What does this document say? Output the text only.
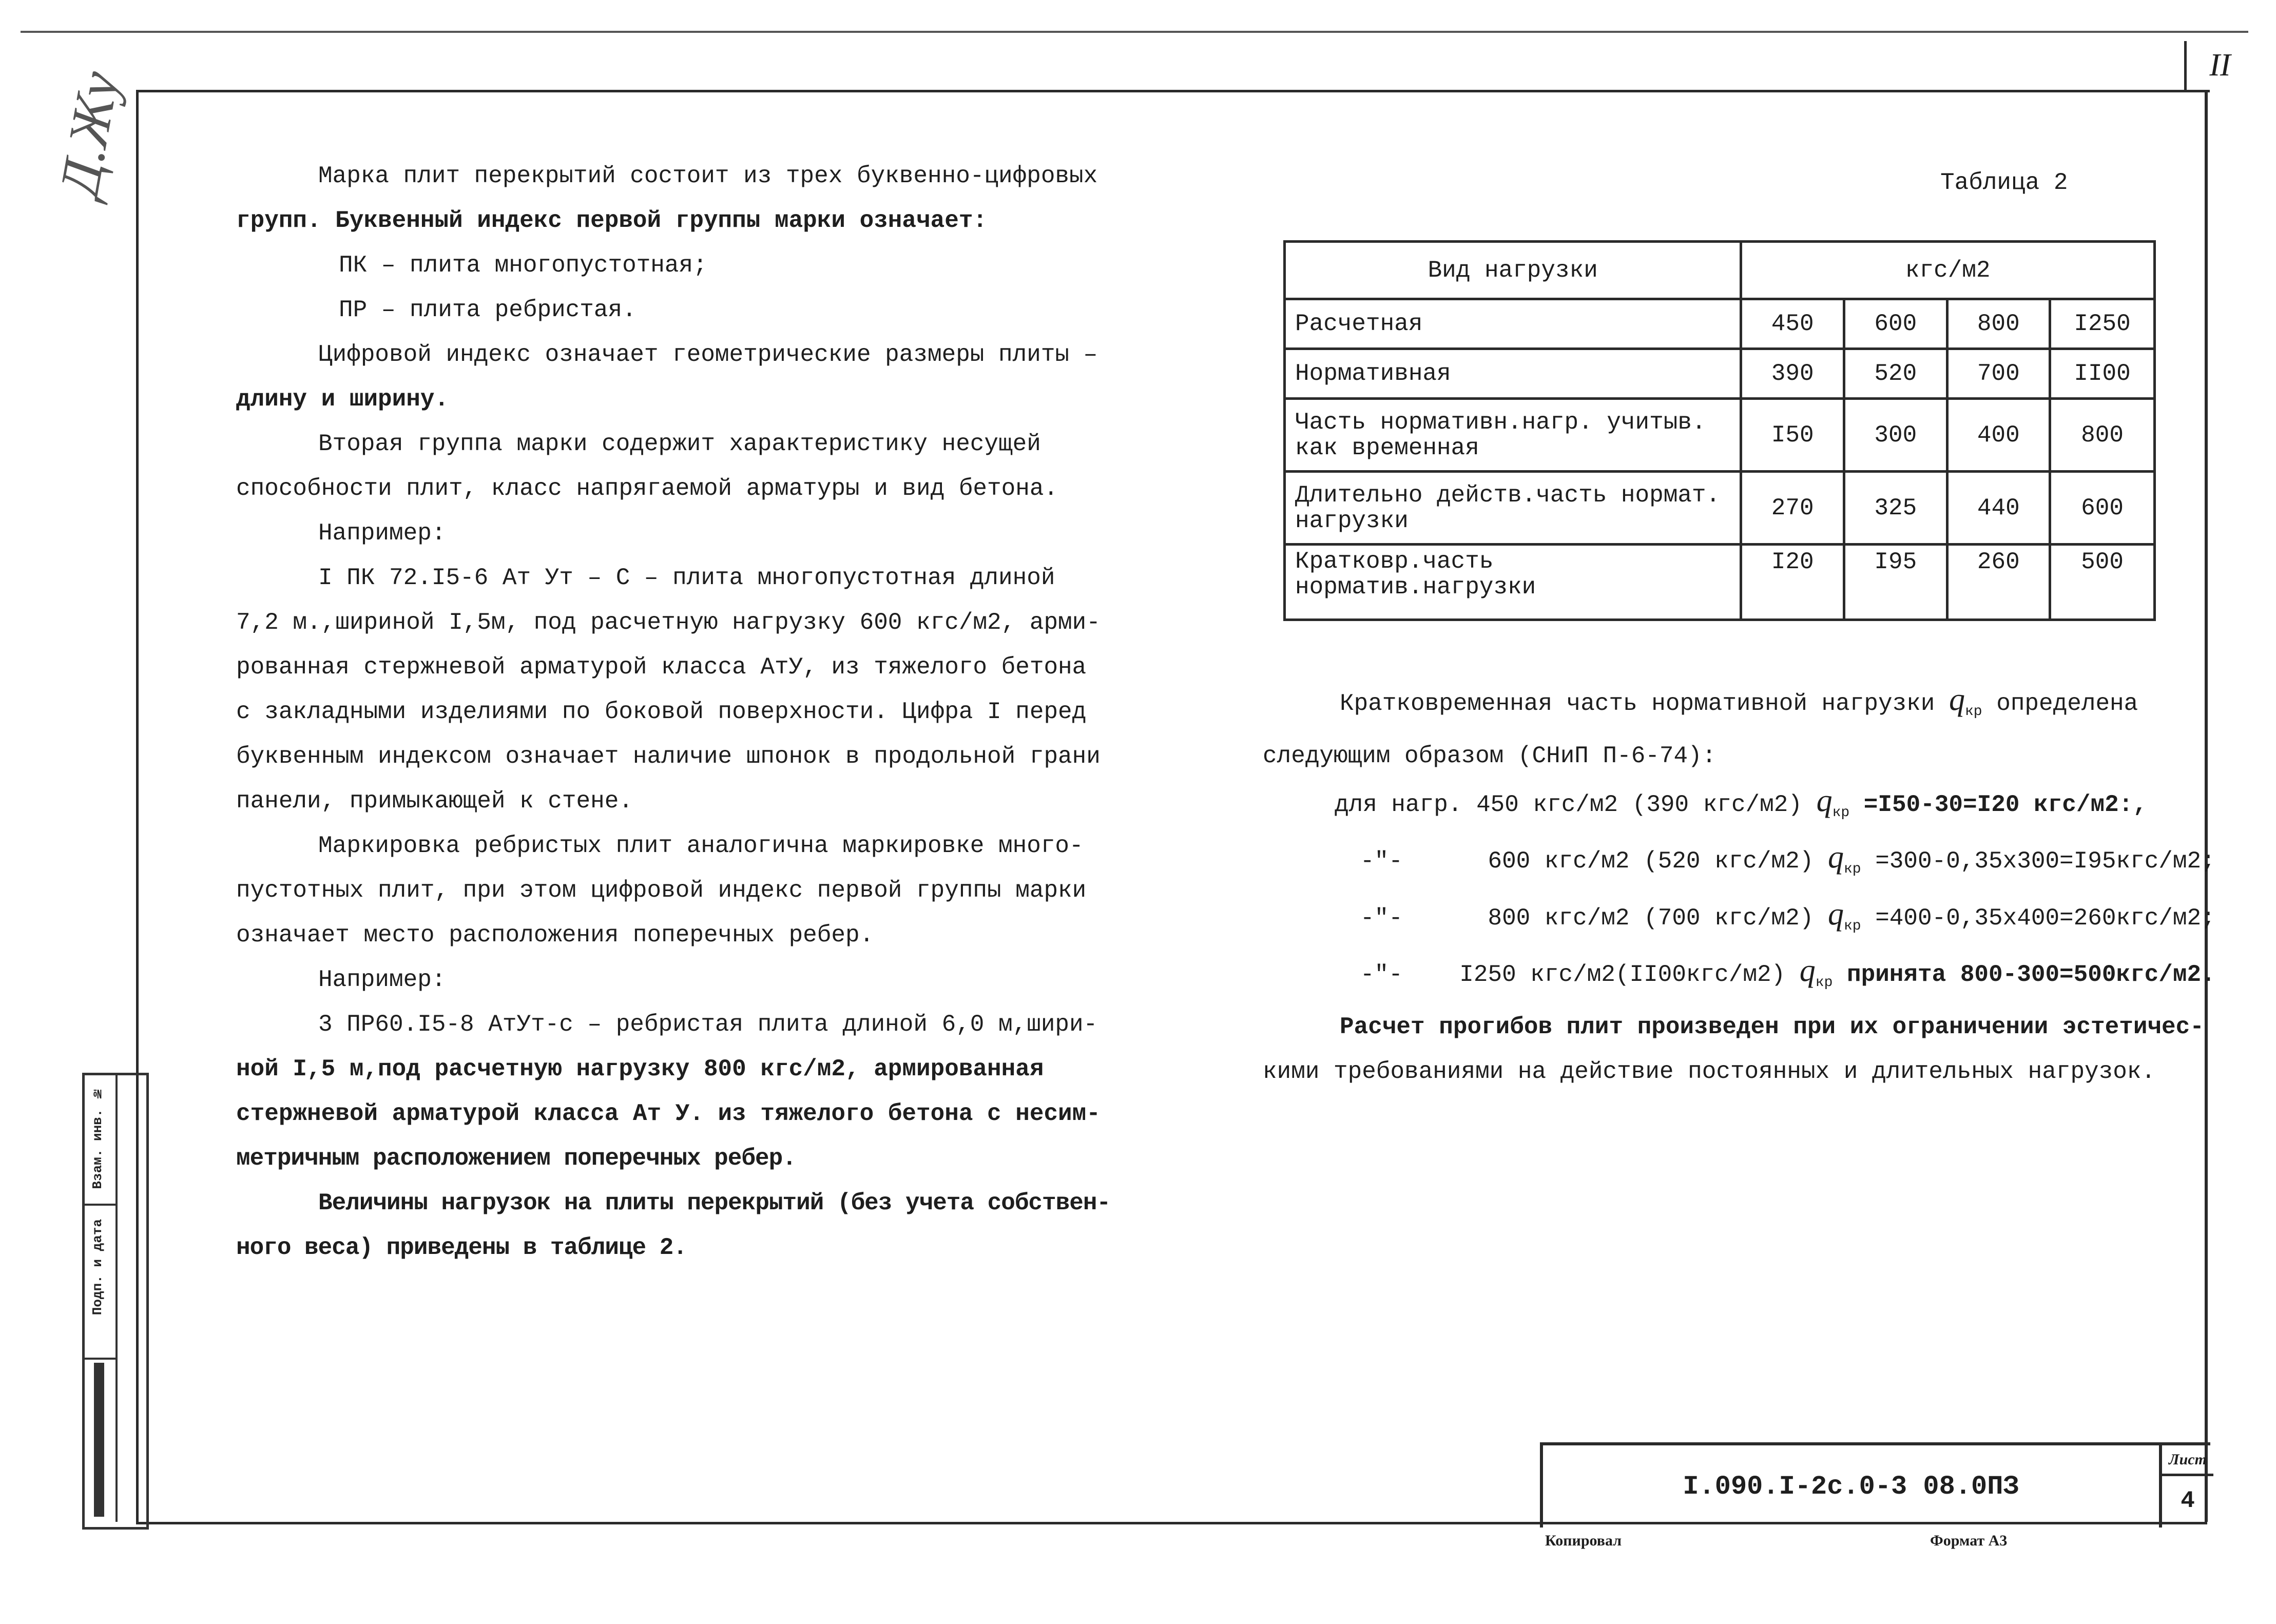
II
Д.Жу
Взам. инв. №
Подп. и дата

Марка плит перекрытий состоит из трех буквенно-цифровых

групп. Буквенный индекс первой группы марки означает:

ПК – плита многопустотная;

ПР – плита ребристая.

Цифровой индекс означает геометрические размеры плиты –

длину и ширину.

Вторая группа марки содержит характеристику несущей

способности плит, класс напрягаемой арматуры и вид бетона.

Например:

I ПК 72.I5-6 Ат Ут – С – плита многопустотная длиной

7,2 м.,шириной I,5м, под расчетную нагрузку 600 кгс/м2, арми-

рованная стержневой арматурой класса АтУ, из тяжелого бетона

с закладными изделиями по боковой поверхности. Цифра I перед

буквенным индексом означает наличие шпонок в продольной грани

панели, примыкающей к стене.

Маркировка ребристых плит аналогична маркировке много-

пустотных плит, при этом цифровой индекс первой группы марки

означает место расположения поперечных ребер.

Например:

3 ПР60.I5-8 АтУт-с – ребристая плита длиной 6,0 м,шири-

ной I,5 м,под расчетную нагрузку 800 кгс/м2, армированная

стержневой арматурой класса Ат У. из тяжелого бетона с несим-

метричным расположением поперечных ребер.

Величины нагрузок на плиты перекрытий (без учета собствен-

ного веса) приведены в таблице 2.

Таблица 2
Вид нагрузки	кгс/м2			
Расчетная	450	600	800	I250
Нормативная	390	520	700	II00
Часть нормативн.нагр. учитыв. как временная	I50	300	400	800
Длительно действ.часть нормат. нагрузки	270	325	440	600
Кратковр.часть норматив.нагрузки	I20	I95	260	500

Кратковременная часть нормативной нагрузки $q_{кр}$ определена

следующим образом (СНиП П-6-74):

для нагр. 450 кгс/м2 (390 кгс/м2) $q_{кр} =I50-30=I20$ кгс/м2:,

-"-	600 кгс/м2 (520 кгс/м2) $q_{кр} =300-0,35х300=I95кгс/м2$;

-"-	800 кгс/м2 (700 кгс/м2) $q_{кр} =400-0,35х400=260кгс/м2$;

-"- I250 кгс/м2(II00кгс/м2) $q_{кр}$ принята 800-300=500кгс/м2.

Расчет прогибов плит произведен при их ограничении эстетичес-

кими требованиями на действие постоянных и длительных нагрузок.

I.090.I-2c.0-3 08.0ПЗ
Лист
4
Копировал	Формат А3
